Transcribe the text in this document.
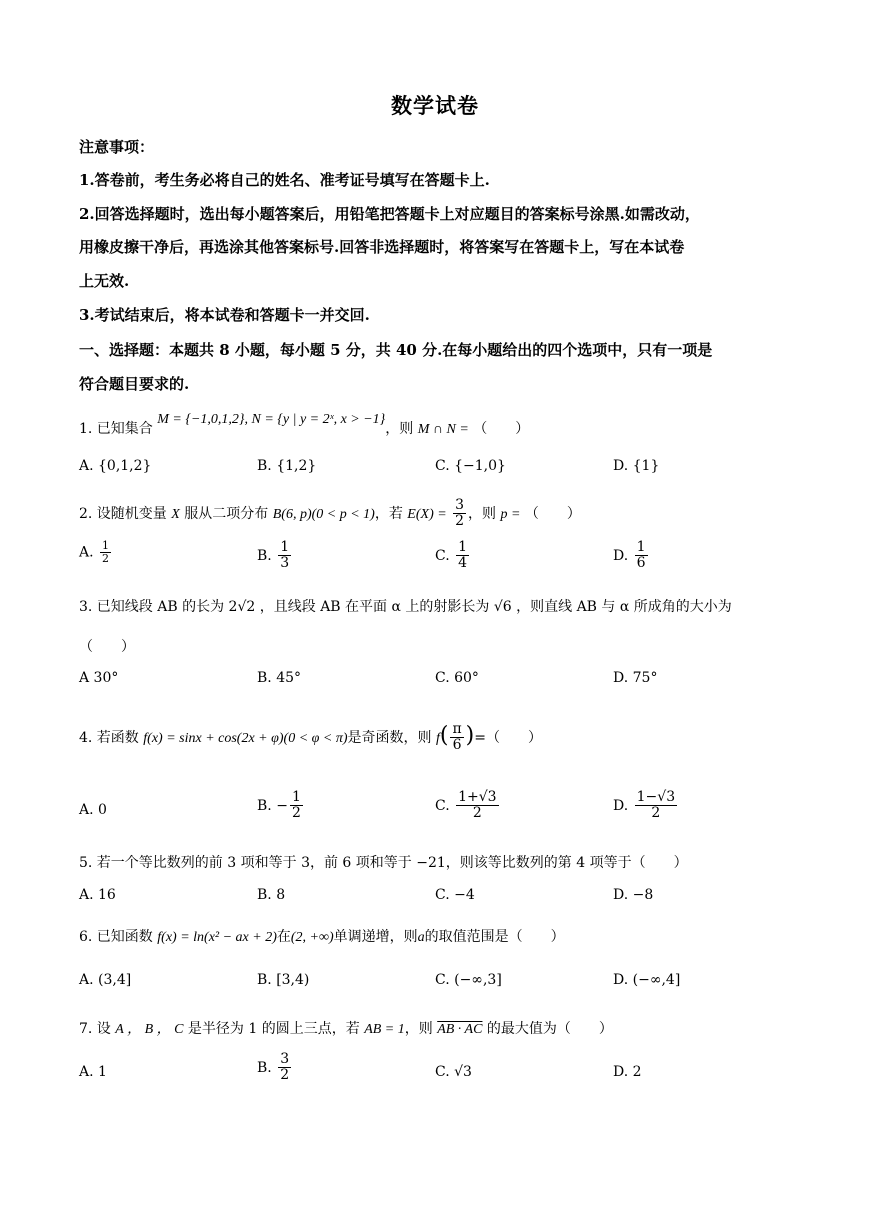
数学试卷
注意事项：
1.答卷前，考生务必将自己的姓名、准考证号填写在答题卡上.
2.回答选择题时，选出每小题答案后，用铅笔把答题卡上对应题目的答案标号涂黑.如需改动，
用橡皮擦干净后，再选涂其他答案标号.回答非选择题时，将答案写在答题卡上，写在本试卷
上无效.
3.考试结束后，将本试卷和答题卡一并交回.
一、选择题：本题共 8 小题，每小题 5 分，共 40 分.在每小题给出的四个选项中，只有一项是
符合题目要求的.
1. 已知集合 M = {−1,0,1,2}, N = {y | y = 2ˣ, x > −1}，则 M ∩ N = （　　）
A. {0,1,2}	B. {1,2}	C. {−1,0}	D. {1}
2. 设随机变量 X 服从二项分布 B(6, p)(0 < p < 1)，若 $E(X) = \frac{3}{2}$ ，则 p = （　　）
A. $\frac{1}{2}$	B. $\frac{1}{3}$	C. $\frac{1}{4}$	D. $\frac{1}{6}$
3. 已知线段 AB 的长为 2√2 ，且线段 AB 在平面 α 上的射影长为 √6 ，则直线 AB 与 α 所成角的大小为
（　　）
A 30°	B. 45°	C. 60°	D. 75°
4. 若函数 f(x) = sinx + cos(2x + φ)(0 < φ < π)是奇函数，则 $f( \frac{\pi}{6}$ )=（　　）
A. 0	B. − $\frac{1}{2}$	C. $\frac{1+√3}{2}$	D. $\frac{1-√3}{2}$
5. 若一个等比数列的前 3 项和等于 3，前 6 项和等于 −21，则该等比数列的第 4 项等于（　　）
A. 16	B. 8	C. −4	D. −8
6. 已知函数 f(x) = ln(x² − ax + 2)在(2, +∞)单调递增，则a的取值范围是（　　）
A. (3,4]	B. [3,4)	C. (−∞,3]	D. (−∞,4]
7. 设 A ， B ， C 是半径为 1 的圆上三点，若 AB = 1，则 AB · AC 的最大值为（　　）
A. 1	B. $\frac{3}{2}$	C. √3	D. 2
